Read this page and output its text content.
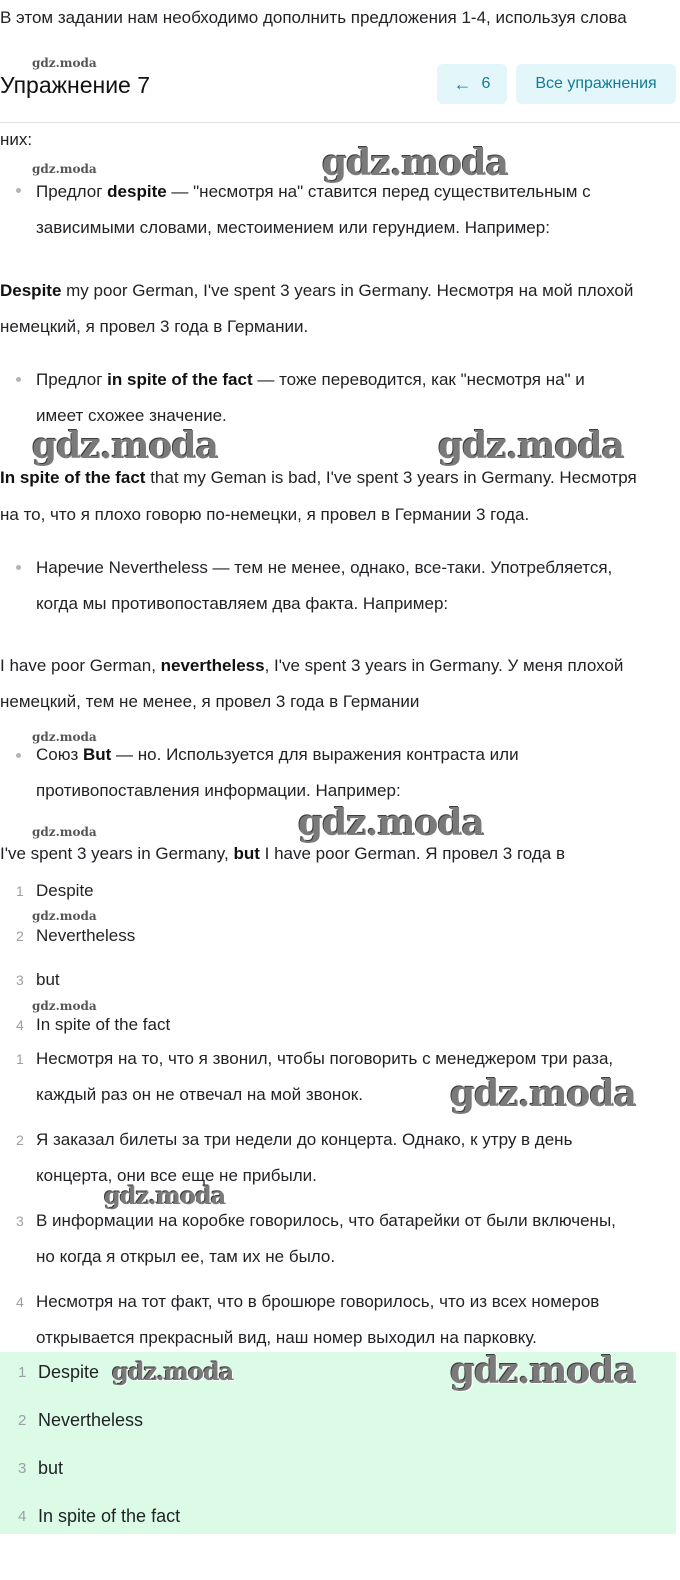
В этом задании нам необходимо дополнить предложения 1-4, используя слова
Упражнение 7	← 6	Все упражнения
них:
Предлог despite — "несмотря на" ставится перед существительным с
зависимыми словами, местоимением или герундием. Например:
Despite my poor German, I've spent 3 years in Germany. Несмотря на мой плохой
немецкий, я провел 3 года в Германии.
Предлог in spite of the fact — тоже переводится, как "несмотря на" и
имеет схожее значение.
In spite of the fact that my Geman is bad, I've spent 3 years in Germany. Несмотря
на то, что я плохо говорю по-немецки, я провел в Германии 3 года.
Наречие Nevertheless — тем не менее, однако, все-таки. Употребляется,
когда мы противопоставляем два факта. Например:
I have poor German, nevertheless, I've spent 3 years in Germany. У меня плохой
немецкий, тем не менее, я провел 3 года в Германии
Союз But — но. Используется для выражения контраста или
противопоставления информации. Например:
I've spent 3 years in Germany, but I have poor German. Я провел 3 года в
1 Despite
2 Nevertheless
3 but
4 In spite of the fact
1 Несмотря на то, что я звонил, чтобы поговорить с менеджером три раза,
каждый раз он не отвечал на мой звонок.
2 Я заказал билеты за три недели до концерта. Однако, к утру в день
концерта, они все еще не прибыли.
3 В информации на коробке говорилось, что батарейки от были включены,
но когда я открыл ее, там их не было.
4 Несмотря на тот факт, что в брошюре говорилось, что из всех номеров
открывается прекрасный вид, наш номер выходил на парковку.
1 Despite
2 Nevertheless
3 but
4 In spite of the fact
gdz.moda
gdz.moda	gdz.moda
gdz.moda	gdz.moda
gdz.moda
gdz.moda
gdz.moda
gdz.moda
gdz.moda
gdz.moda
gdz.moda
gdz.moda	gdz.moda
